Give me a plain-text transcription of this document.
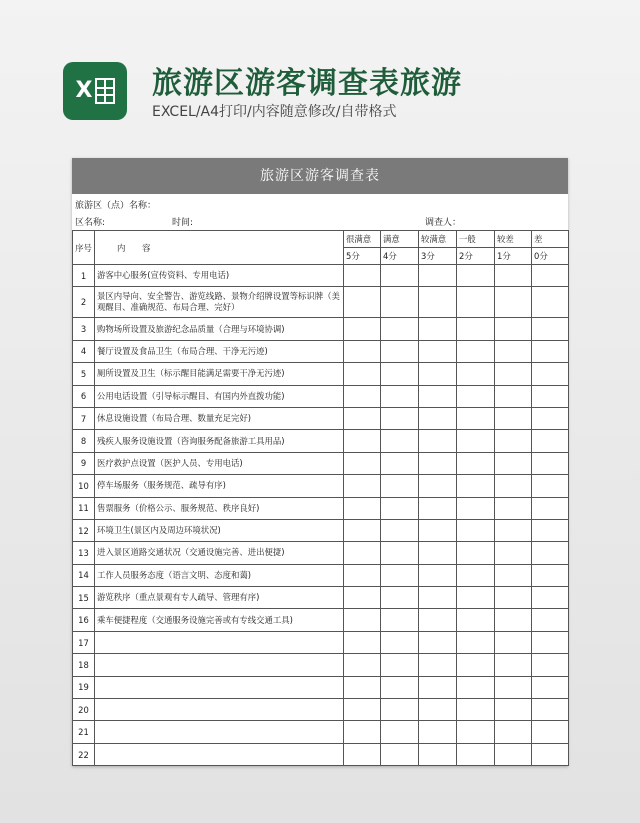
X 旅游区游客调查表旅游
EXCEL/A4打印/内容随意修改/自带格式
旅游区游客调查表
旅游区（点）名称：
区名称:	时间:	调查人：
序号	内　　容	很满意	满意	较满意	一般	较差	差
		5分	4分	3分	2分	1分	0分
1	游客中心服务(宣传资料、专用电话)						
2	景区内导向、安全警告、游览线路、景物介绍牌设置等标识牌（美观醒目、准确规范、布局合理、完好）						
3	购物场所设置及旅游纪念品质量（合理与环境协调)						
4	餐厅设置及食品卫生（布局合理、干净无污迹)						
5	厕所设置及卫生（标示醒目能满足需要干净无污迹)						
6	公用电话设置（引导标示醒目、有国内外直拨功能)						
7	休息设施设置（布局合理、数量充足完好)						
8	残疾人服务设施设置（咨询服务配备旅游工具用品)						
9	医疗救护点设置（医护人员、专用电话)						
10	停车场服务（服务规范、疏导有序)						
11	售票服务（价格公示、服务规范、秩序良好)						
12	环境卫生(景区内及周边环境状况)						
13	进入景区道路交通状况（交通设施完善、进出便捷)						
14	工作人员服务态度（语言文明、态度和蔼)						
15	游览秩序（重点景观有专人疏导、管理有序)						
16	乘车便捷程度（交通服务设施完善或有专线交通工具)						
17							
18							
19							
20							
21							
22							
